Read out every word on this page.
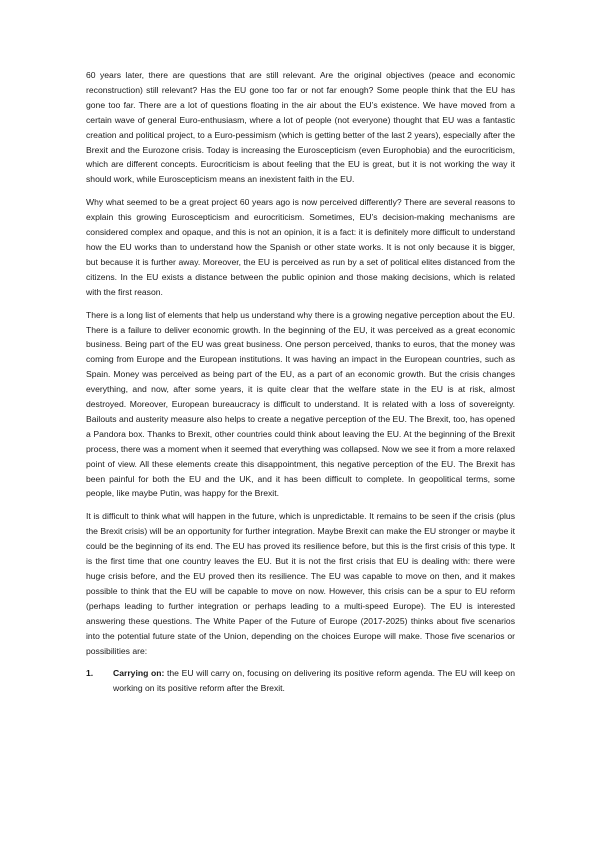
60 years later, there are questions that are still relevant. Are the original objectives (peace and economic reconstruction) still relevant? Has the EU gone too far or not far enough? Some people think that the EU has gone too far. There are a lot of questions floating in the air about the EU’s existence. We have moved from a certain wave of general Euro-enthusiasm, where a lot of people (not everyone) thought that EU was a fantastic creation and political project, to a Euro-pessimism (which is getting better of the last 2 years), especially after the Brexit and the Eurozone crisis. Today is increasing the Euroscepticism (even Europhobia) and the eurocriticism, which are different concepts. Eurocriticism is about feeling that the EU is great, but it is not working the way it should work, while Euroscepticism means an inexistent faith in the EU.

Why what seemed to be a great project 60 years ago is now perceived differently? There are several reasons to explain this growing Euroscepticism and eurocriticism. Sometimes, EU’s decision-making mechanisms are considered complex and opaque, and this is not an opinion, it is a fact: it is definitely more difficult to understand how the EU works than to understand how the Spanish or other state works. It is not only because it is bigger, but because it is further away. Moreover, the EU is perceived as run by a set of political elites distanced from the citizens. In the EU exists a distance between the public opinion and those making decisions, which is related with the first reason.

There is a long list of elements that help us understand why there is a growing negative perception about the EU. There is a failure to deliver economic growth. In the beginning of the EU, it was perceived as a great economic business. Being part of the EU was great business. One person perceived, thanks to euros, that the money was coming from Europe and the European institutions. It was having an impact in the European countries, such as Spain. Money was perceived as being part of the EU, as a part of an economic growth. But the crisis changes everything, and now, after some years, it is quite clear that the welfare state in the EU is at risk, almost destroyed. Moreover, European bureaucracy is difficult to understand. It is related with a loss of sovereignty. Bailouts and austerity measure also helps to create a negative perception of the EU. The Brexit, too, has opened a Pandora box. Thanks to Brexit, other countries could think about leaving the EU. At the beginning of the Brexit process, there was a moment when it seemed that everything was collapsed. Now we see it from a more relaxed point of view. All these elements create this disappointment, this negative perception of the EU. The Brexit has been painful for both the EU and the UK, and it has been difficult to complete. In geopolitical terms, some people, like maybe Putin, was happy for the Brexit.

It is difficult to think what will happen in the future, which is unpredictable. It remains to be seen if the crisis (plus the Brexit crisis) will be an opportunity for further integration. Maybe Brexit can make the EU stronger or maybe it could be the beginning of its end. The EU has proved its resilience before, but this is the first crisis of this type. It is the first time that one country leaves the EU. But it is not the first crisis that EU is dealing with: there were huge crisis before, and the EU proved then its resilience. The EU was capable to move on then, and it makes possible to think that the EU will be capable to move on now. However, this crisis can be a spur to EU reform (perhaps leading to further integration or perhaps leading to a multi-speed Europe). The EU is interested answering these questions. The White Paper of the Future of Europe (2017-2025) thinks about five scenarios into the potential future state of the Union, depending on the choices Europe will make. Those five scenarios or possibilities are:

1. Carrying on: the EU will carry on, focusing on delivering its positive reform agenda. The EU will keep on working on its positive reform after the Brexit.
